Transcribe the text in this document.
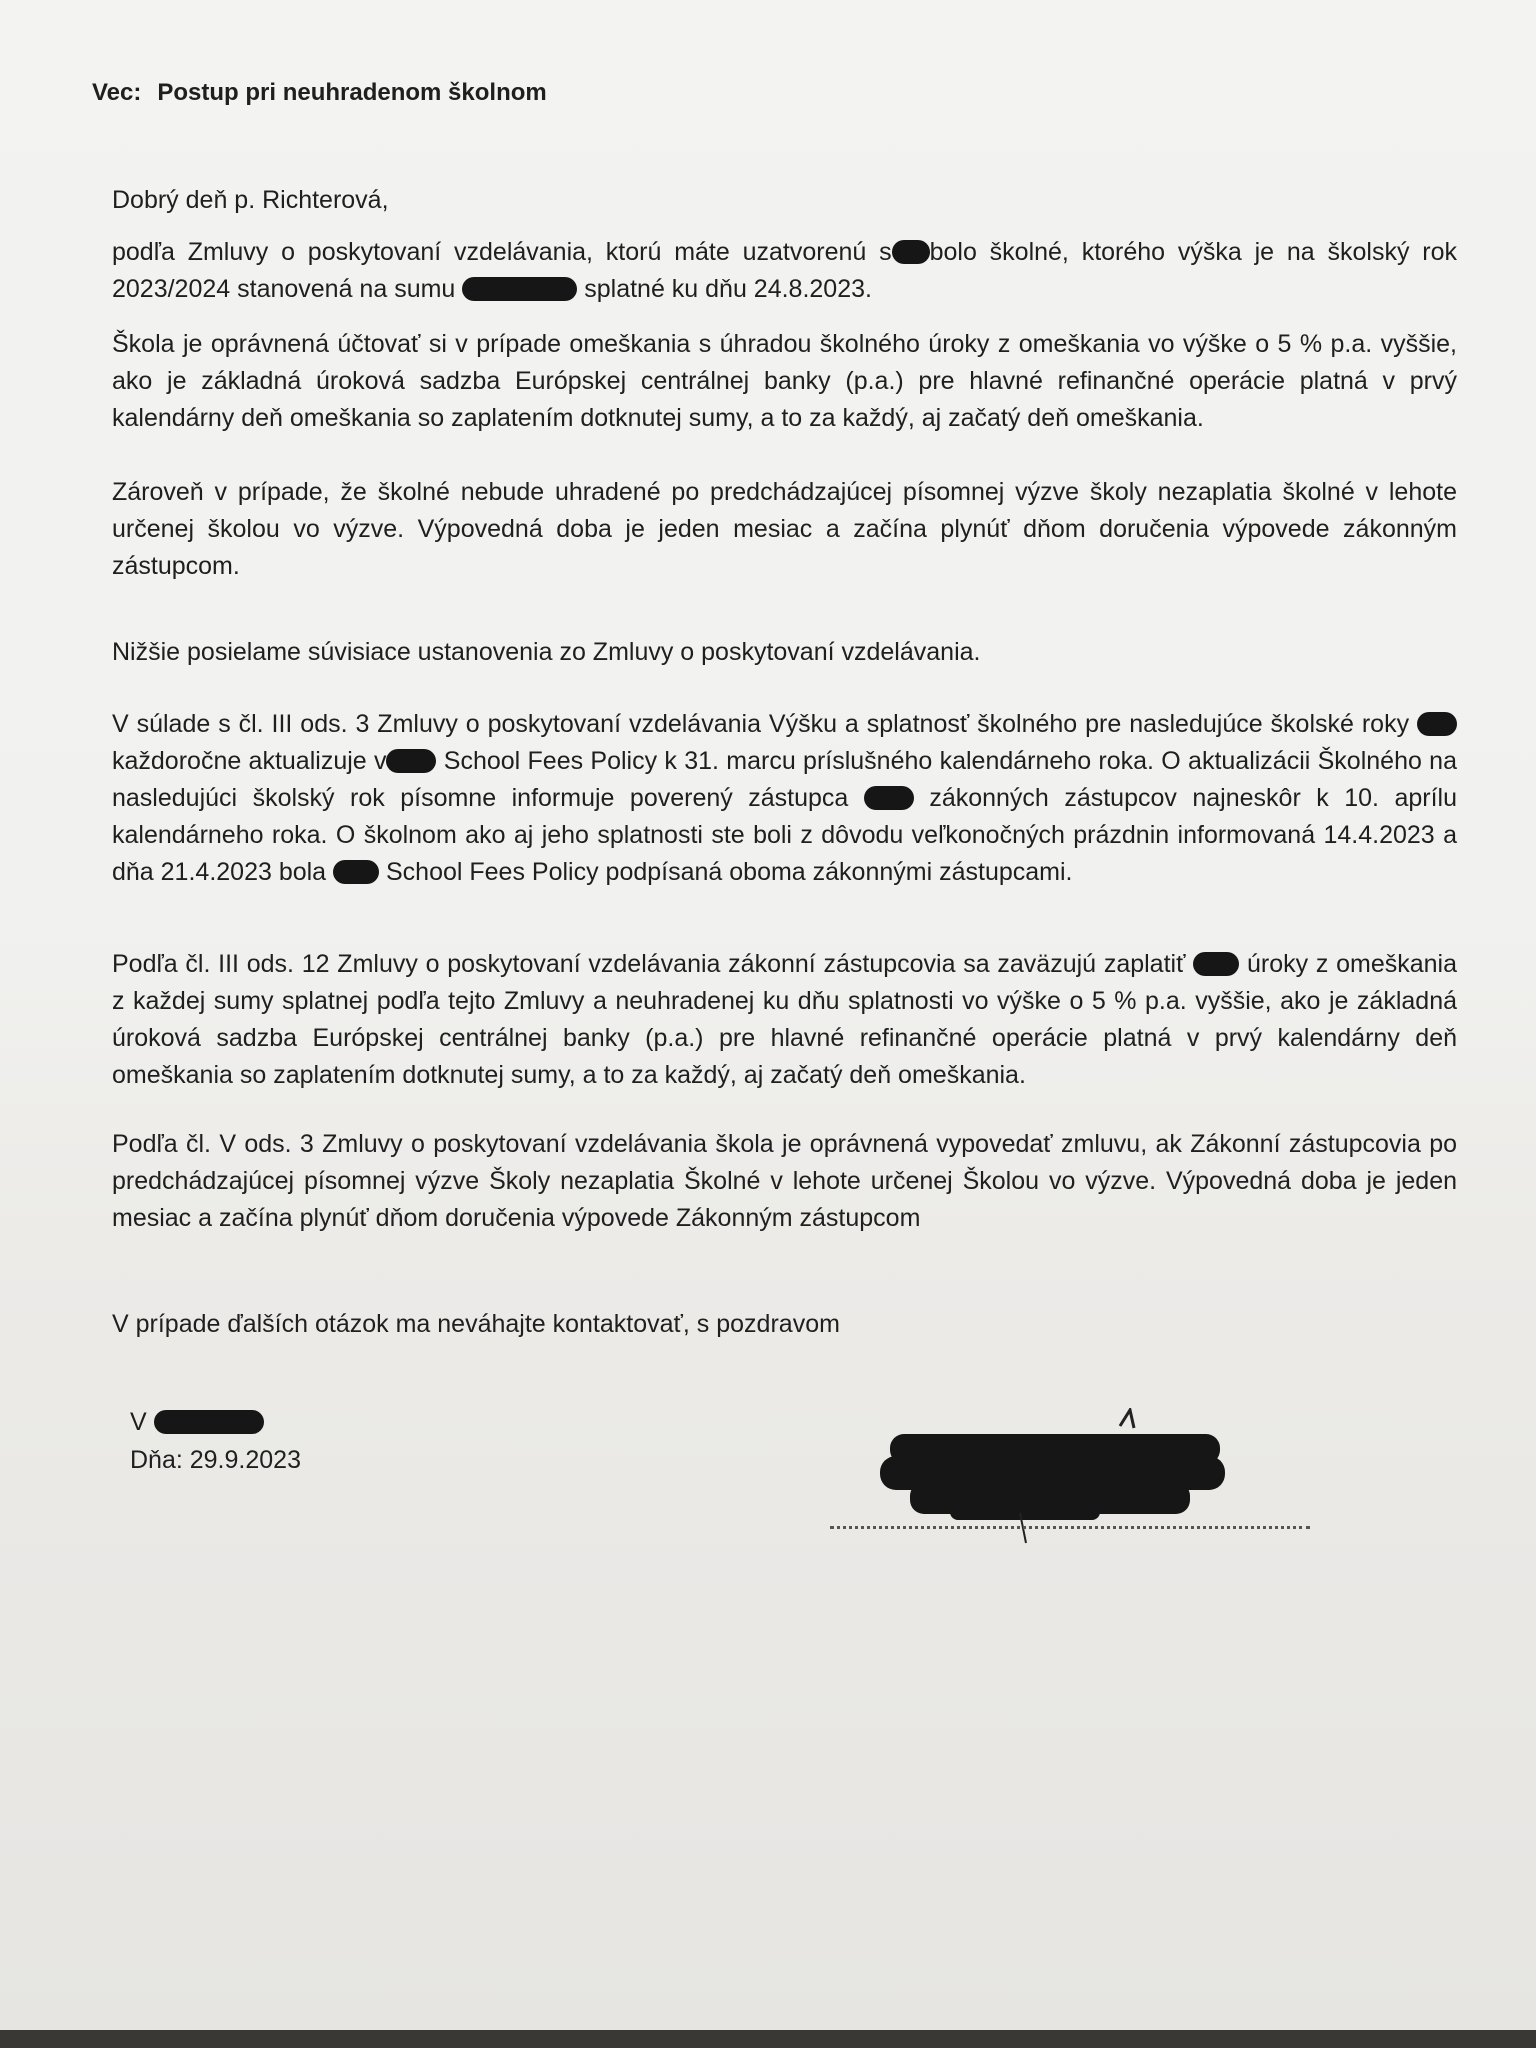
Vec: Postup pri neuhradenom školnom
Dobrý deň p. Richterová,
podľa Zmluvy o poskytovaní vzdelávania, ktorú máte uzatvorenú s bolo školné, ktorého výška je na školský rok 2023/2024 stanovená na sumu	splatné ku dňu 24.8.2023.
Škola je oprávnená účtovať si v prípade omeškania s úhradou školného úroky z omeškania vo výške o 5 % p.a. vyššie, ako je základná úroková sadzba Európskej centrálnej banky (p.a.) pre hlavné refinančné operácie platná v prvý kalendárny deň omeškania so zaplatením dotknutej sumy, a to za každý, aj začatý deň omeškania.
Zároveň v prípade, že školné nebude uhradené po predchádzajúcej písomnej výzve školy nezaplatia školné v lehote určenej školou vo výzve. Výpovedná doba je jeden mesiac a začína plynúť dňom doručenia výpovede zákonným zástupcom.
Nižšie posielame súvisiace ustanovenia zo Zmluvy o poskytovaní vzdelávania.
V súlade s čl. III ods. 3 Zmluvy o poskytovaní vzdelávania Výšku a splatnosť školného pre nasledujúce školské roky  každoročne aktualizuje v School Fees Policy k 31. marcu príslušného kalendárneho roka. O aktualizácii Školného na nasledujúci školský rok písomne informuje poverený zástupca	zákonných zástupcov najneskôr k 10. aprílu kalendárneho roka. O školnom ako aj jeho splatnosti ste boli z dôvodu veľkonočných prázdnin informovaná 14.4.2023 a dňa 21.4.2023 bola School Fees Policy podpísaná oboma zákonnými zástupcami.
Podľa čl. III ods. 12 Zmluvy o poskytovaní vzdelávania zákonní zástupcovia sa zaväzujú zaplatiť úroky z omeškania z každej sumy splatnej podľa tejto Zmluvy a neuhradenej ku dňu splatnosti vo výške o 5 % p.a. vyššie, ako je základná úroková sadzba Európskej centrálnej banky (p.a.) pre hlavné refinančné operácie platná v prvý kalendárny deň omeškania so zaplatením dotknutej sumy, a to za každý, aj začatý deň omeškania.
Podľa čl. V ods. 3 Zmluvy o poskytovaní vzdelávania škola je oprávnená vypovedať zmluvu, ak Zákonní zástupcovia po predchádzajúcej písomnej výzve Školy nezaplatia Školné v lehote určenej Školou vo výzve. Výpovedná doba je jeden mesiac a začína plynúť dňom doručenia výpovede Zákonným zástupcom
V prípade ďalších otázok ma neváhajte kontaktovať, s pozdravom
V
Dňa: 29.9.2023
